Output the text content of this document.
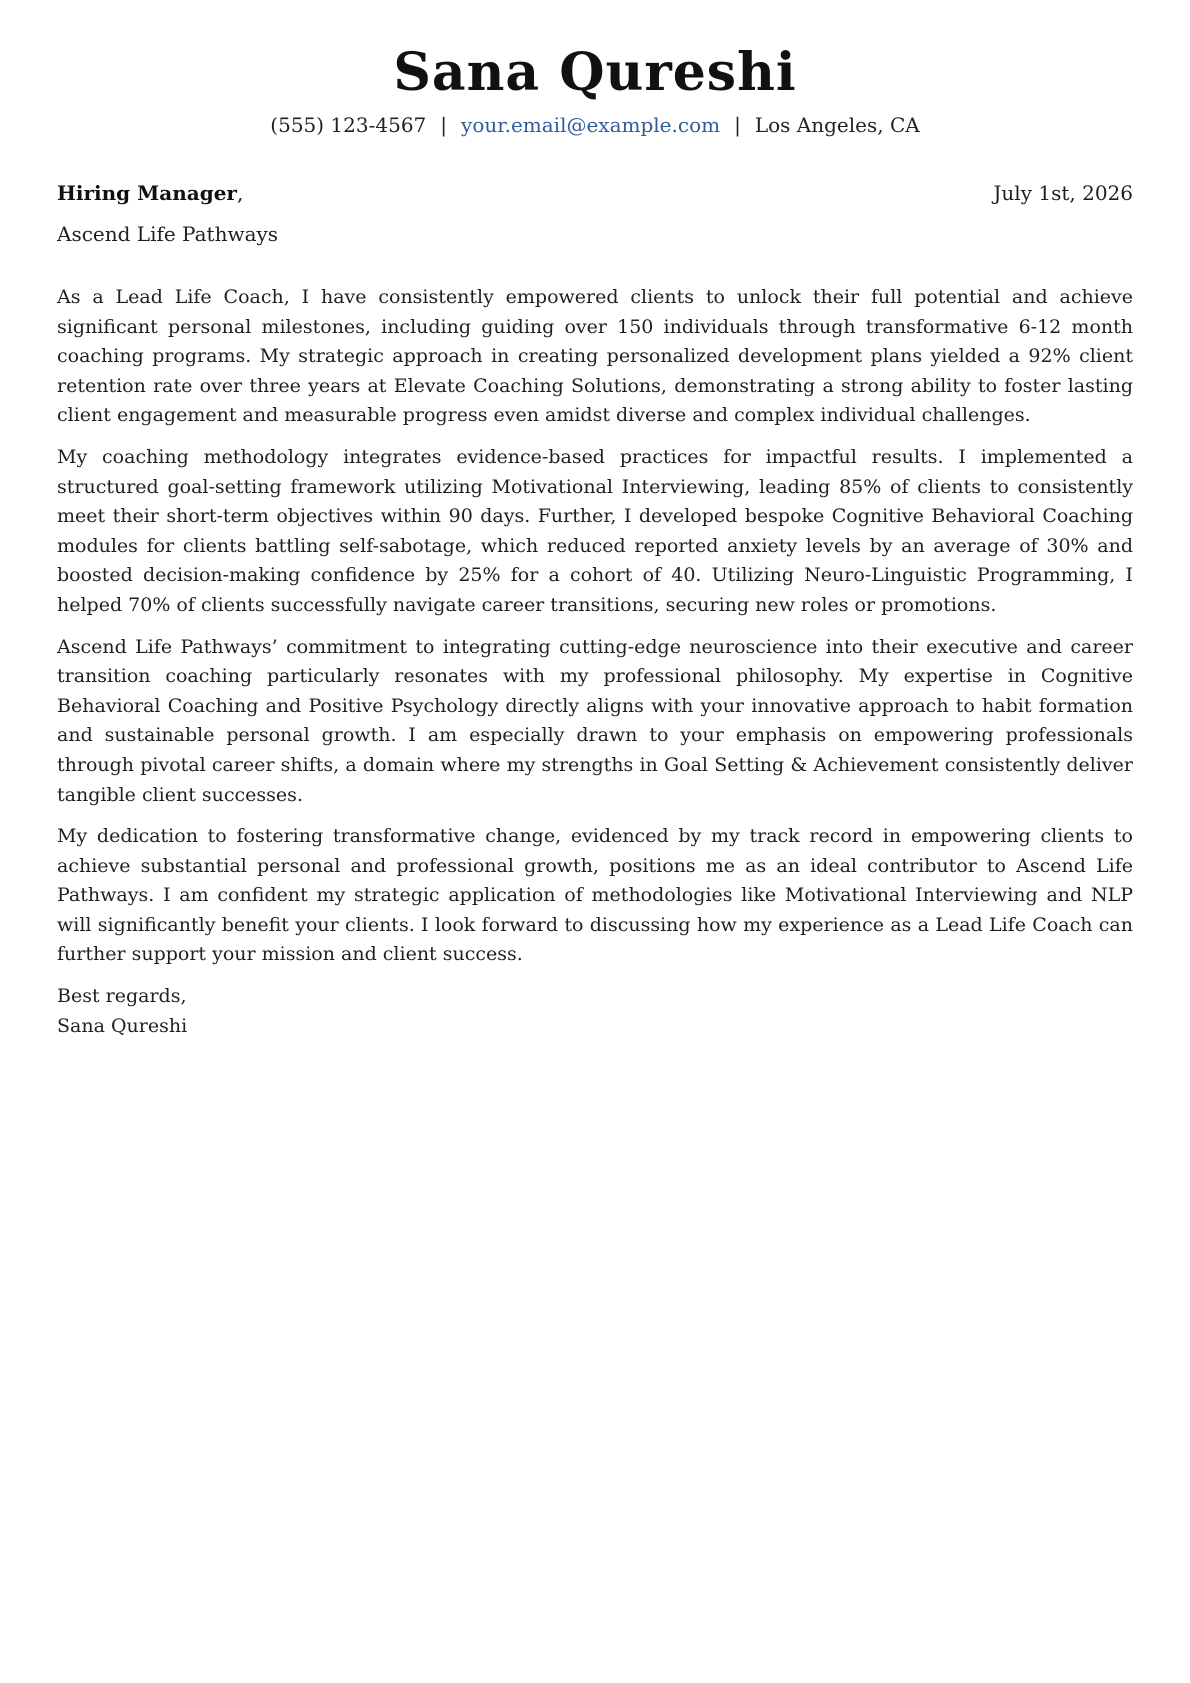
Sana Qureshi
(555) 123-4567 | your.email@example.com | Los Angeles, CA
Hiring Manager,	July 1st, 2026
Ascend Life Pathways

As a Lead Life Coach, I have consistently empowered clients to unlock their full potential and achieve significant personal milestones, including guiding over 150 individuals through transformative 6-12 month coaching programs. My strategic approach in creating personalized development plans yielded a 92% client retention rate over three years at Elevate Coaching Solutions, demonstrating a strong ability to foster lasting client engagement and measurable progress even amidst diverse and complex individual challenges.

My coaching methodology integrates evidence-based practices for impactful results. I implemented a structured goal-setting framework utilizing Motivational Interviewing, leading 85% of clients to consistently meet their short-term objectives within 90 days. Further, I developed bespoke Cognitive Behavioral Coaching modules for clients battling self-sabotage, which reduced reported anxiety levels by an average of 30% and boosted decision-making confidence by 25% for a cohort of 40. Utilizing Neuro-Linguistic Programming, I helped 70% of clients successfully navigate career transitions, securing new roles or promotions.

Ascend Life Pathways’ commitment to integrating cutting-edge neuroscience into their executive and career transition coaching particularly resonates with my professional philosophy. My expertise in Cognitive Behavioral Coaching and Positive Psychology directly aligns with your innovative approach to habit formation and sustainable personal growth. I am especially drawn to your emphasis on empowering professionals through pivotal career shifts, a domain where my strengths in Goal Setting & Achievement consistently deliver tangible client successes.

My dedication to fostering transformative change, evidenced by my track record in empowering clients to achieve substantial personal and professional growth, positions me as an ideal contributor to Ascend Life Pathways. I am confident my strategic application of methodologies like Motivational Interviewing and NLP will significantly benefit your clients. I look forward to discussing how my experience as a Lead Life Coach can further support your mission and client success.

Best regards,
Sana Qureshi
